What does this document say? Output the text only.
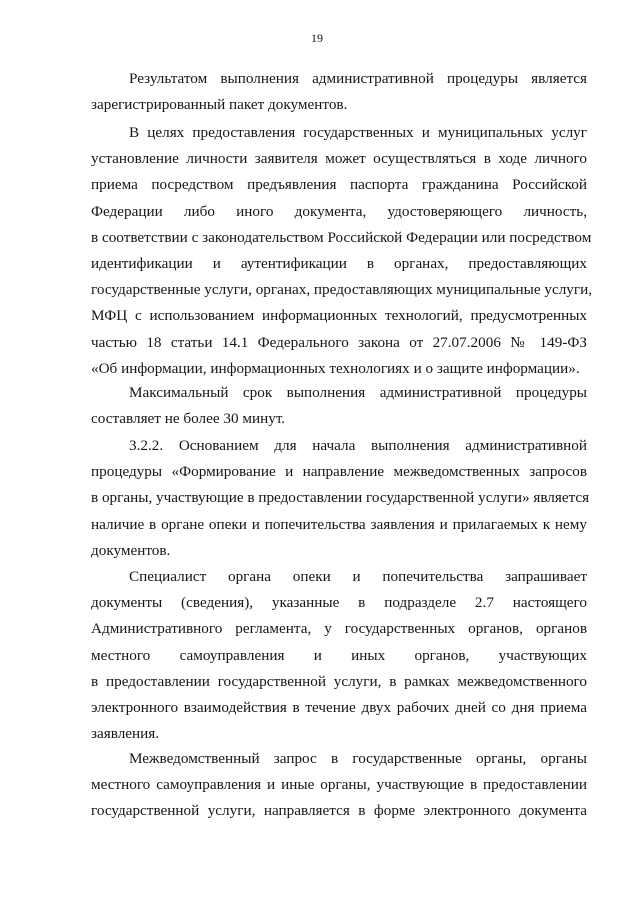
19
Результатом выполнения административной процедуры является
зарегистрированный пакет документов.
В целях предоставления государственных и муниципальных услуг
установление личности заявителя может осуществляться в ходе личного
приема посредством предъявления паспорта гражданина Российской
Федерации либо иного документа, удостоверяющего личность,
в соответствии с законодательством Российской Федерации или посредством
идентификации и аутентификации в органах, предоставляющих
государственные услуги, органах, предоставляющих муниципальные услуги,
МФЦ с использованием информационных технологий, предусмотренных
частью 18 статьи 14.1 Федерального закона от 27.07.2006 № 149-ФЗ
«Об информации, информационных технологиях и о защите информации».
Максимальный срок выполнения административной процедуры
составляет не более 30 минут.
3.2.2. Основанием для начала выполнения административной
процедуры «Формирование и направление межведомственных запросов
в органы, участвующие в предоставлении государственной услуги» является
наличие в органе опеки и попечительства заявления и прилагаемых к нему
документов.
Специалист органа опеки и попечительства запрашивает
документы (сведения), указанные в подразделе 2.7 настоящего
Административного регламента, у государственных органов, органов
местного самоуправления и иных органов, участвующих
в предоставлении государственной услуги, в рамках межведомственного
электронного взаимодействия в течение двух рабочих дней со дня приема
заявления.
Межведомственный запрос в государственные органы, органы
местного самоуправления и иные органы, участвующие в предоставлении
государственной услуги, направляется в форме электронного документа
